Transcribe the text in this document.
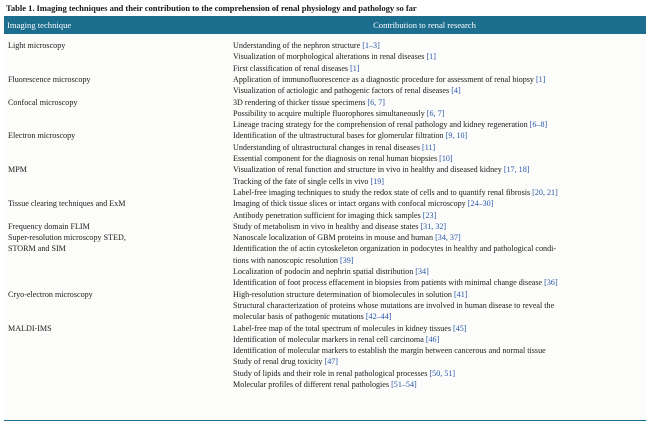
Table 1. Imaging techniques and their contribution to the comprehension of renal physiology and pathology so far
Imaging technique	Contribution to renal research
Light microscopy	Understanding of the nephron structure [1–3]
Visualization of morphological alterations in renal diseases [1]
First classification of renal diseases [1]
Fluorescence microscopy	Application of immunofluorescence as a diagnostic procedure for assessment of renal biopsy [1]
Visualization of actiologic and pathogenic factors of renal diseases [4]
Confocal microscopy	3D rendering of thicker tissue specimens [6, 7]
Possibility to acquire multiple fluorophores simultaneously [6, 7]
Lineage tracing strategy for the comprehension of renal pathology and kidney regeneration [6–8]
Electron microscopy	Identification of the ultrastructural bases for glomerular filtration [9, 10]
Understanding of ultrastructural changes in renal diseases [11]
Essential component for the diagnosis on renal human biopsies [10]
MPM	Visualization of renal function and structure in vivo in healthy and diseased kidney [17, 18]
Tracking of the fate of single cells in vivo [19]
Label-free imaging techniques to study the redox state of cells and to quantify renal fibrosis [20, 21]
Tissue clearing techniques and ExM	Imaging of thick tissue slices or intact organs with confocal microscopy [24–30]
Antibody penetration sufficient for imaging thick samples [23]
Frequency domain FLIM	Study of metabolism in vivo in healthy and disease states [31, 32]
Super-resolution microscopy STED,	Nanoscale localization of GBM proteins in mouse and human [34, 37]
STORM and SIM	Identification the of actin cytoskeleton organization in podocytes in healthy and pathological condi-
tions with nanoscopic resolution [39]
Localization of podocin and nephrin spatial distribution [34]
Identification of foot process effacement in biopsies from patients with minimal change disease [36]
Cryo-electron microscopy	High-resolution structure determination of biomolecules in solution [41]
Structural characterization of proteins whose mutations are involved in human disease to reveal the
molecular basis of pathogenic mutations [42–44]
MALDI-IMS	Label-free map of the total spectrum of molecules in kidney tissues [45]
Identification of molecular markers in renal cell carcinoma [46]
Identification of molecular markers to establish the margin between cancerous and normal tissue
Study of renal drug toxicity [47]
Study of lipids and their role in renal pathological processes [50, 51]
Molecular profiles of different renal pathologies [51–54]
